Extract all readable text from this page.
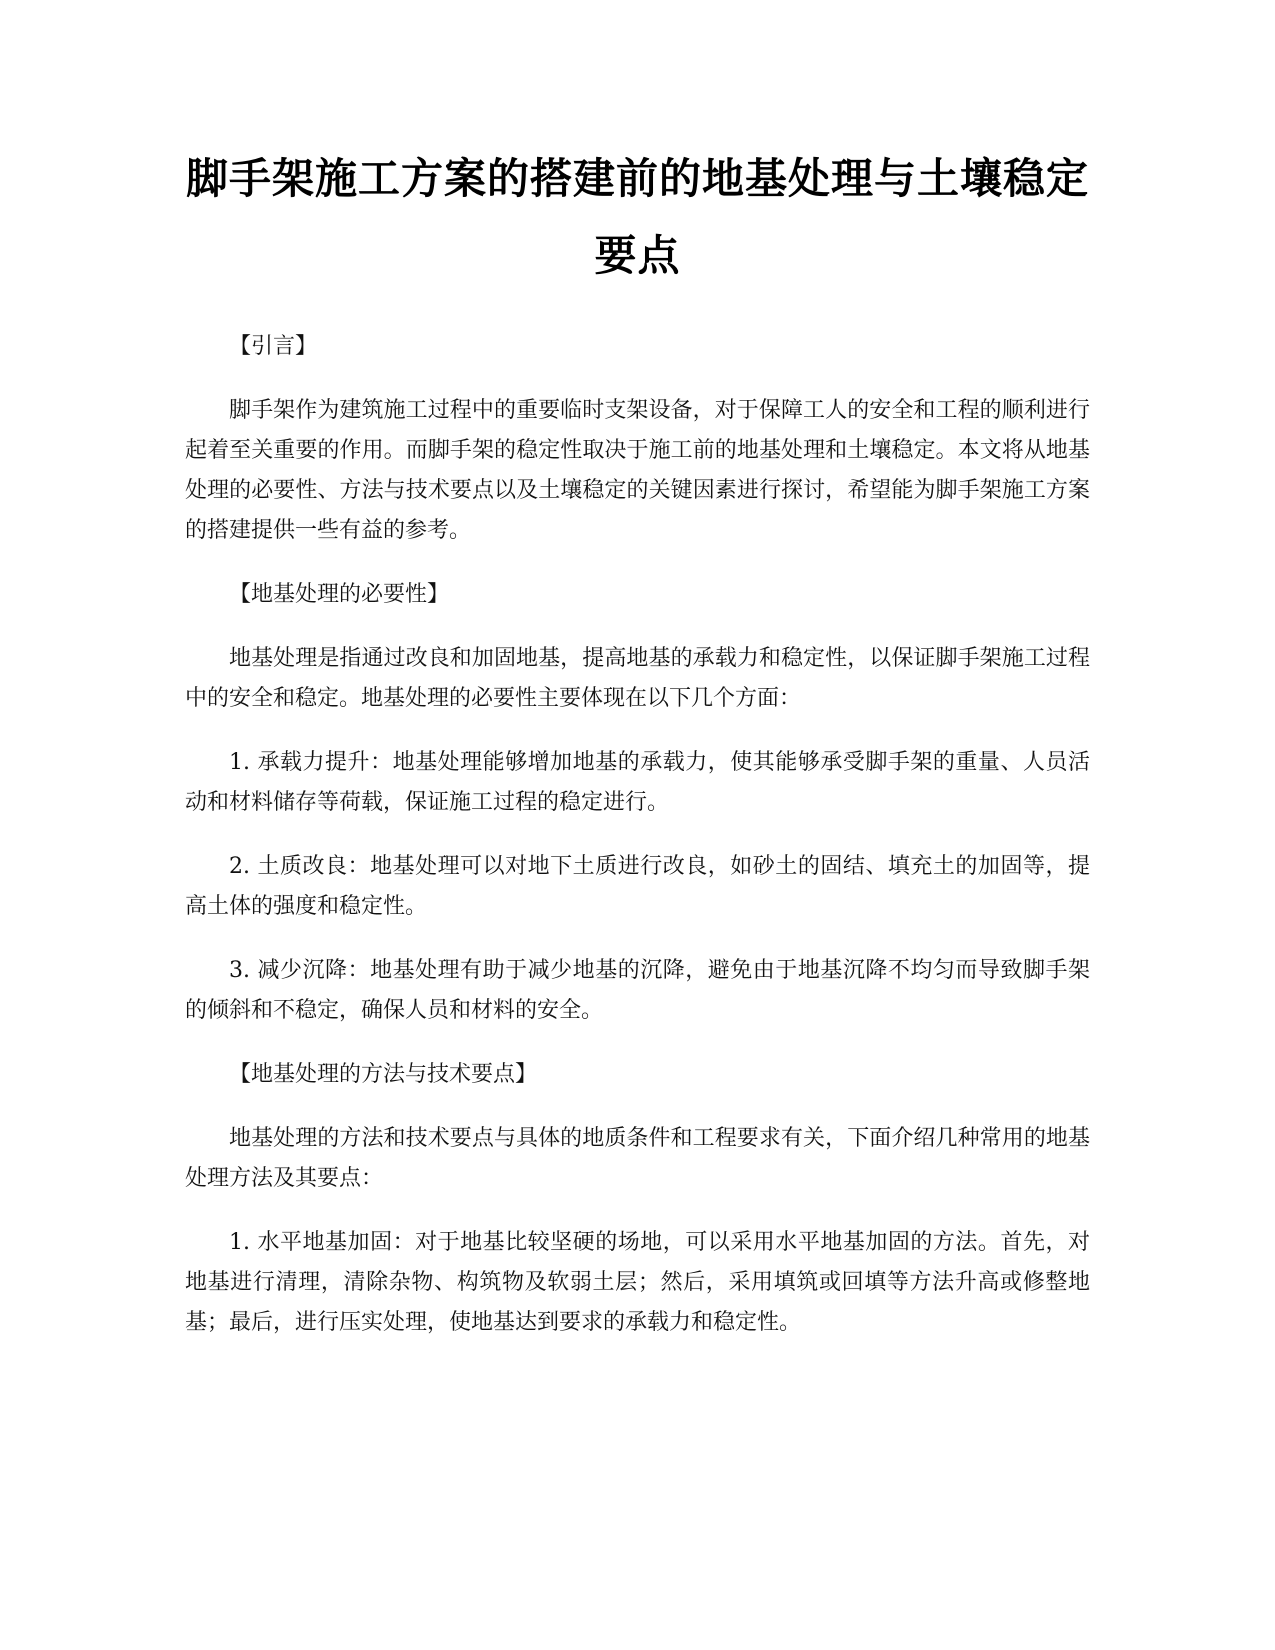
脚手架施工方案的搭建前的地基处理与土壤稳定要点

【引言】

脚手架作为建筑施工过程中的重要临时支架设备，对于保障工人的安全和工程的顺利进行起着至关重要的作用。而脚手架的稳定性取决于施工前的地基处理和土壤稳定。本文将从地基处理的必要性、方法与技术要点以及土壤稳定的关键因素进行探讨，希望能为脚手架施工方案的搭建提供一些有益的参考。

【地基处理的必要性】

地基处理是指通过改良和加固地基，提高地基的承载力和稳定性，以保证脚手架施工过程中的安全和稳定。地基处理的必要性主要体现在以下几个方面：

1. 承载力提升：地基处理能够增加地基的承载力，使其能够承受脚手架的重量、人员活动和材料储存等荷载，保证施工过程的稳定进行。

2. 土质改良：地基处理可以对地下土质进行改良，如砂土的固结、填充土的加固等，提高土体的强度和稳定性。

3. 减少沉降：地基处理有助于减少地基的沉降，避免由于地基沉降不均匀而导致脚手架的倾斜和不稳定，确保人员和材料的安全。

【地基处理的方法与技术要点】

地基处理的方法和技术要点与具体的地质条件和工程要求有关，下面介绍几种常用的地基处理方法及其要点：

1. 水平地基加固：对于地基比较坚硬的场地，可以采用水平地基加固的方法。首先，对地基进行清理，清除杂物、构筑物及软弱土层；然后，采用填筑或回填等方法升高或修整地基；最后，进行压实处理，使地基达到要求的承载力和稳定性。
